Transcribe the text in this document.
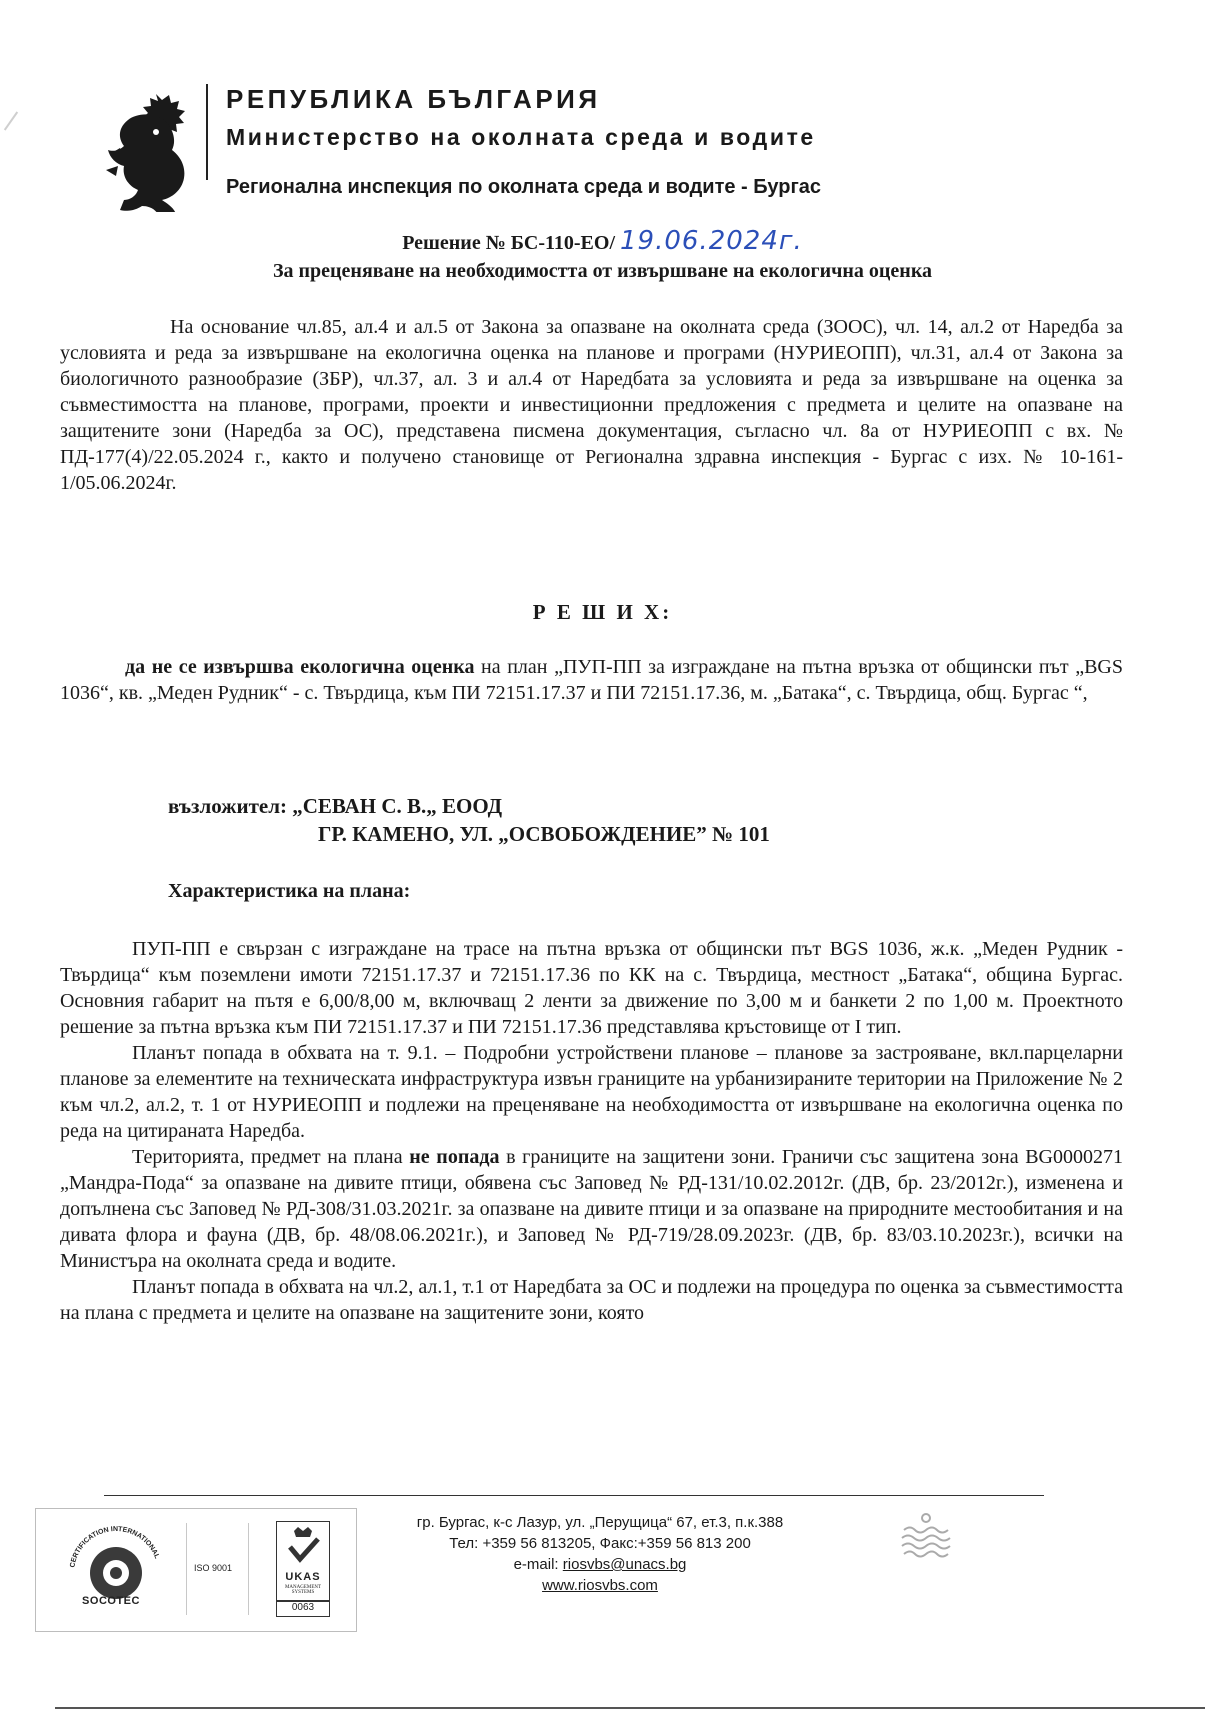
РЕПУБЛИКА БЪЛГАРИЯ
Министерство на околната среда и водите
Регионална инспекция по околната среда и водите - Бургас
Решение № БС-110-ЕО/ 19.06.2024г.
За преценяване на необходимостта от извършване на екологична оценка
На основание чл.85, ал.4 и ал.5 от Закона за опазване на околната среда (ЗООС), чл. 14, ал.2 от Наредба за условията и реда за извършване на екологична оценка на планове и програми (НУРИЕОПП), чл.31, ал.4 от Закона за биологичното разнообразие (ЗБР), чл.37, ал. 3 и ал.4 от Наредбата за условията и реда за извършване на оценка за съвместимостта на планове, програми, проекти и инвестиционни предложения с предмета и целите на опазване на защитените зони (Наредба за ОС), представена писмена документация, съгласно чл. 8а от НУРИЕОПП с вх. № ПД-177(4)/22.05.2024 г., както и получено становище от Регионална здравна инспекция - Бургас с изх. № 10-161-1/05.06.2024г.
Р Е Ш И Х:
да не се извършва екологична оценка на план „ПУП-ПП за изграждане на пътна връзка от общински път „BGS 1036“, кв. „Меден Рудник“ - с. Твърдица, към ПИ 72151.17.37 и ПИ 72151.17.36, м. „Батака“, с. Твърдица, общ. Бургас “,
възложител: „СЕВАН С. В.„ ЕООД
ГР. КАМЕНО, УЛ. „ОСВОБОЖДЕНИЕ” № 101
Характеристика на плана:

ПУП-ПП е свързан с изграждане на трасе на пътна връзка от общински път BGS 1036, ж.к. „Меден Рудник - Твърдица“ към поземлени имоти 72151.17.37 и 72151.17.36 по КК на с. Твърдица, местност „Батака“, община Бургас. Основния габарит на пътя е 6,00/8,00 м, включващ 2 ленти за движение по 3,00 м и банкети 2 по 1,00 м. Проектното решение за пътна връзка към ПИ 72151.17.37 и ПИ 72151.17.36 представлява кръстовище от I тип.

Планът попада в обхвата на т. 9.1. – Подробни устройствени планове – планове за застрояване, вкл.парцеларни планове за елементите на техническата инфраструктура извън границите на урбанизираните територии на Приложение № 2 към чл.2, ал.2, т. 1 от НУРИЕОПП и подлежи на преценяване на необходимостта от извършване на екологична оценка по реда на цитираната Наредба.

Територията, предмет на плана не попада в границите на защитени зони. Граничи със защитена зона BG0000271 „Мандра-Пода“ за опазване на дивите птици, обявена със Заповед № РД-131/10.02.2012г. (ДВ, бр. 23/2012г.), изменена и допълнена със Заповед № РД-308/31.03.2021г. за опазване на дивите птици и за опазване на природните местообитания и на дивата флора и фауна (ДВ, бр. 48/08.06.2021г.), и Заповед № РД-719/28.09.2023г. (ДВ, бр. 83/03.10.2023г.), всички на Министъра на околната среда и водите.

Планът попада в обхвата на чл.2, ал.1, т.1 от Наредбата за ОС и подлежи на процедура по оценка за съвместимостта на плана с предмета и целите на опазване на защитените зони, която

CERTIFICATION INTERNATIONAL
SOCOTEC
ISO 9001
UKAS
MANAGEMENT SYSTEMS
0063
гр. Бургас, к-с Лазур, ул. „Перущица“ 67, ет.3, п.к.388
Тел: +359 56 813205, Факс:+359 56 813 200
e-mail: riosvbs@unacs.bg
www.riosvbs.com
